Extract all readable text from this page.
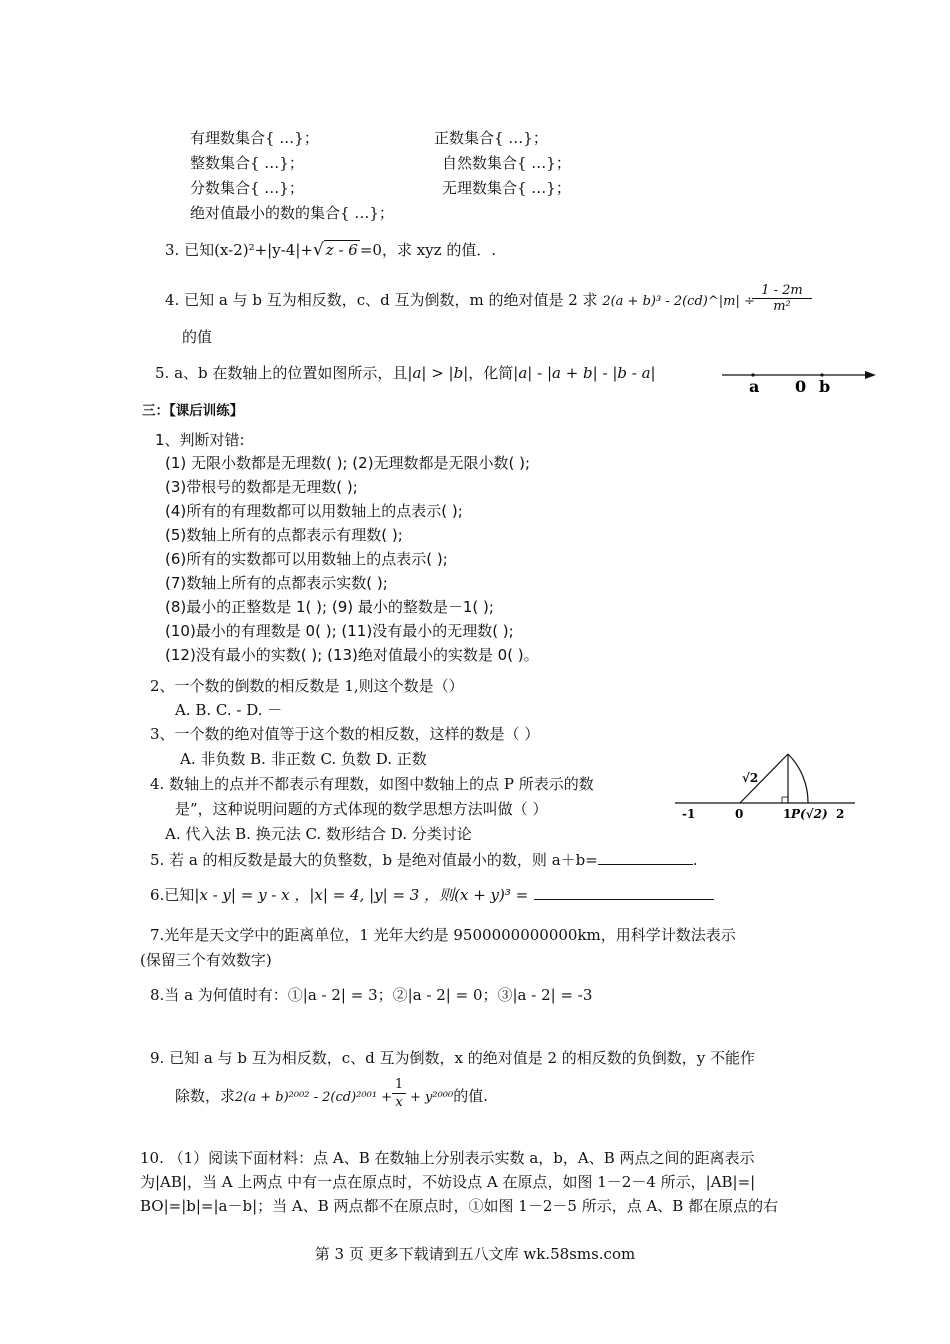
有理数集合{ …}；	正数集合{ …}；
整数集合{ …}；	自然数集合{ …}；
分数集合{ …}；	无理数集合{ …}；
绝对值最小的数的集合{ …}；
3. 已知(x-2)²+|y-4|+√ z - 6 =0，求 xyz 的值．.
4. 已知 a 与 b 互为相反数，c、d 互为倒数，m 的绝对值是 2 求 2(a + b)³ - 2(cd)^|m| ÷
$\frac{1 - 2m}{\text{m²}}$
的值
5. a、b 在数轴上的位置如图所示，且|a| > |b|，化简|a| - |a + b| - |b - a|
a 0 b
三：【课后训练】
1、判断对错:
(1) 无限小数都是无理数( ); (2)无理数都是无限小数( );
(3)带根号的数都是无理数( );
(4)所有的有理数都可以用数轴上的点表示( );
(5)数轴上所有的点都表示有理数( );
(6)所有的实数都可以用数轴上的点表示( );
(7)数轴上所有的点都表示实数( );
(8)最小的正整数是 1( ); (9) 最小的整数是－1( );
(10)最小的有理数是 0( ); (11)没有最小的无理数( );
(12)没有最小的实数( ); (13)绝对值最小的实数是 0( )。
2、一个数的倒数的相反数是 1,则这个数是（）
A. B. C. - D. －
3、一个数的绝对值等于这个数的相反数，这样的数是（ ）
A. 非负数 B. 非正数 C. 负数 D. 正数
4. 数轴上的点并不都表示有理数，如图中数轴上的点 P 所表示的数
是”，这种说明问题的方式体现的数学思想方法叫做（ ）
A. 代入法 B. 换元法 C. 数形结合 D. 分类讨论
-1	0	1 P(√2) 2
√2
5. 若 a 的相反数是最大的负整数，b 是绝对值最小的数，则 a＋b=	.
6.已知|x - y| = y - x ，|x| = 4, |y| = 3 ，则(x + y)³ =
7.光年是天文学中的距离单位，1 光年大约是 9500000000000km，用科学计数法表示
(保留三个有效数字)
8.当 a 为何值时有：①|a - 2| = 3；②|a - 2| = 0；③|a - 2| = -3
9. 已知 a 与 b 互为相反数，c、d 互为倒数，x 的绝对值是 2 的相反数的负倒数，y 不能作
除数，求$2(a + b)^{2002} - 2(cd)^{2001} + \frac{1}{x} + y^{2000}$的值.
10. （1）阅读下面材料：点 A、B 在数轴上分别表示实数 a，b，A、B 两点之间的距离表示
为|AB|，当 A 上两点 中有一点在原点时，不妨设点 A 在原点，如图 1－2－4 所示，|AB|=|
BO|=|b|=|a－b|；当 A、B 两点都不在原点时，①如图 1－2－5 所示，点 A、B 都在原点的右
第 3 页 更多下载请到五八文库 wk.58sms.com
